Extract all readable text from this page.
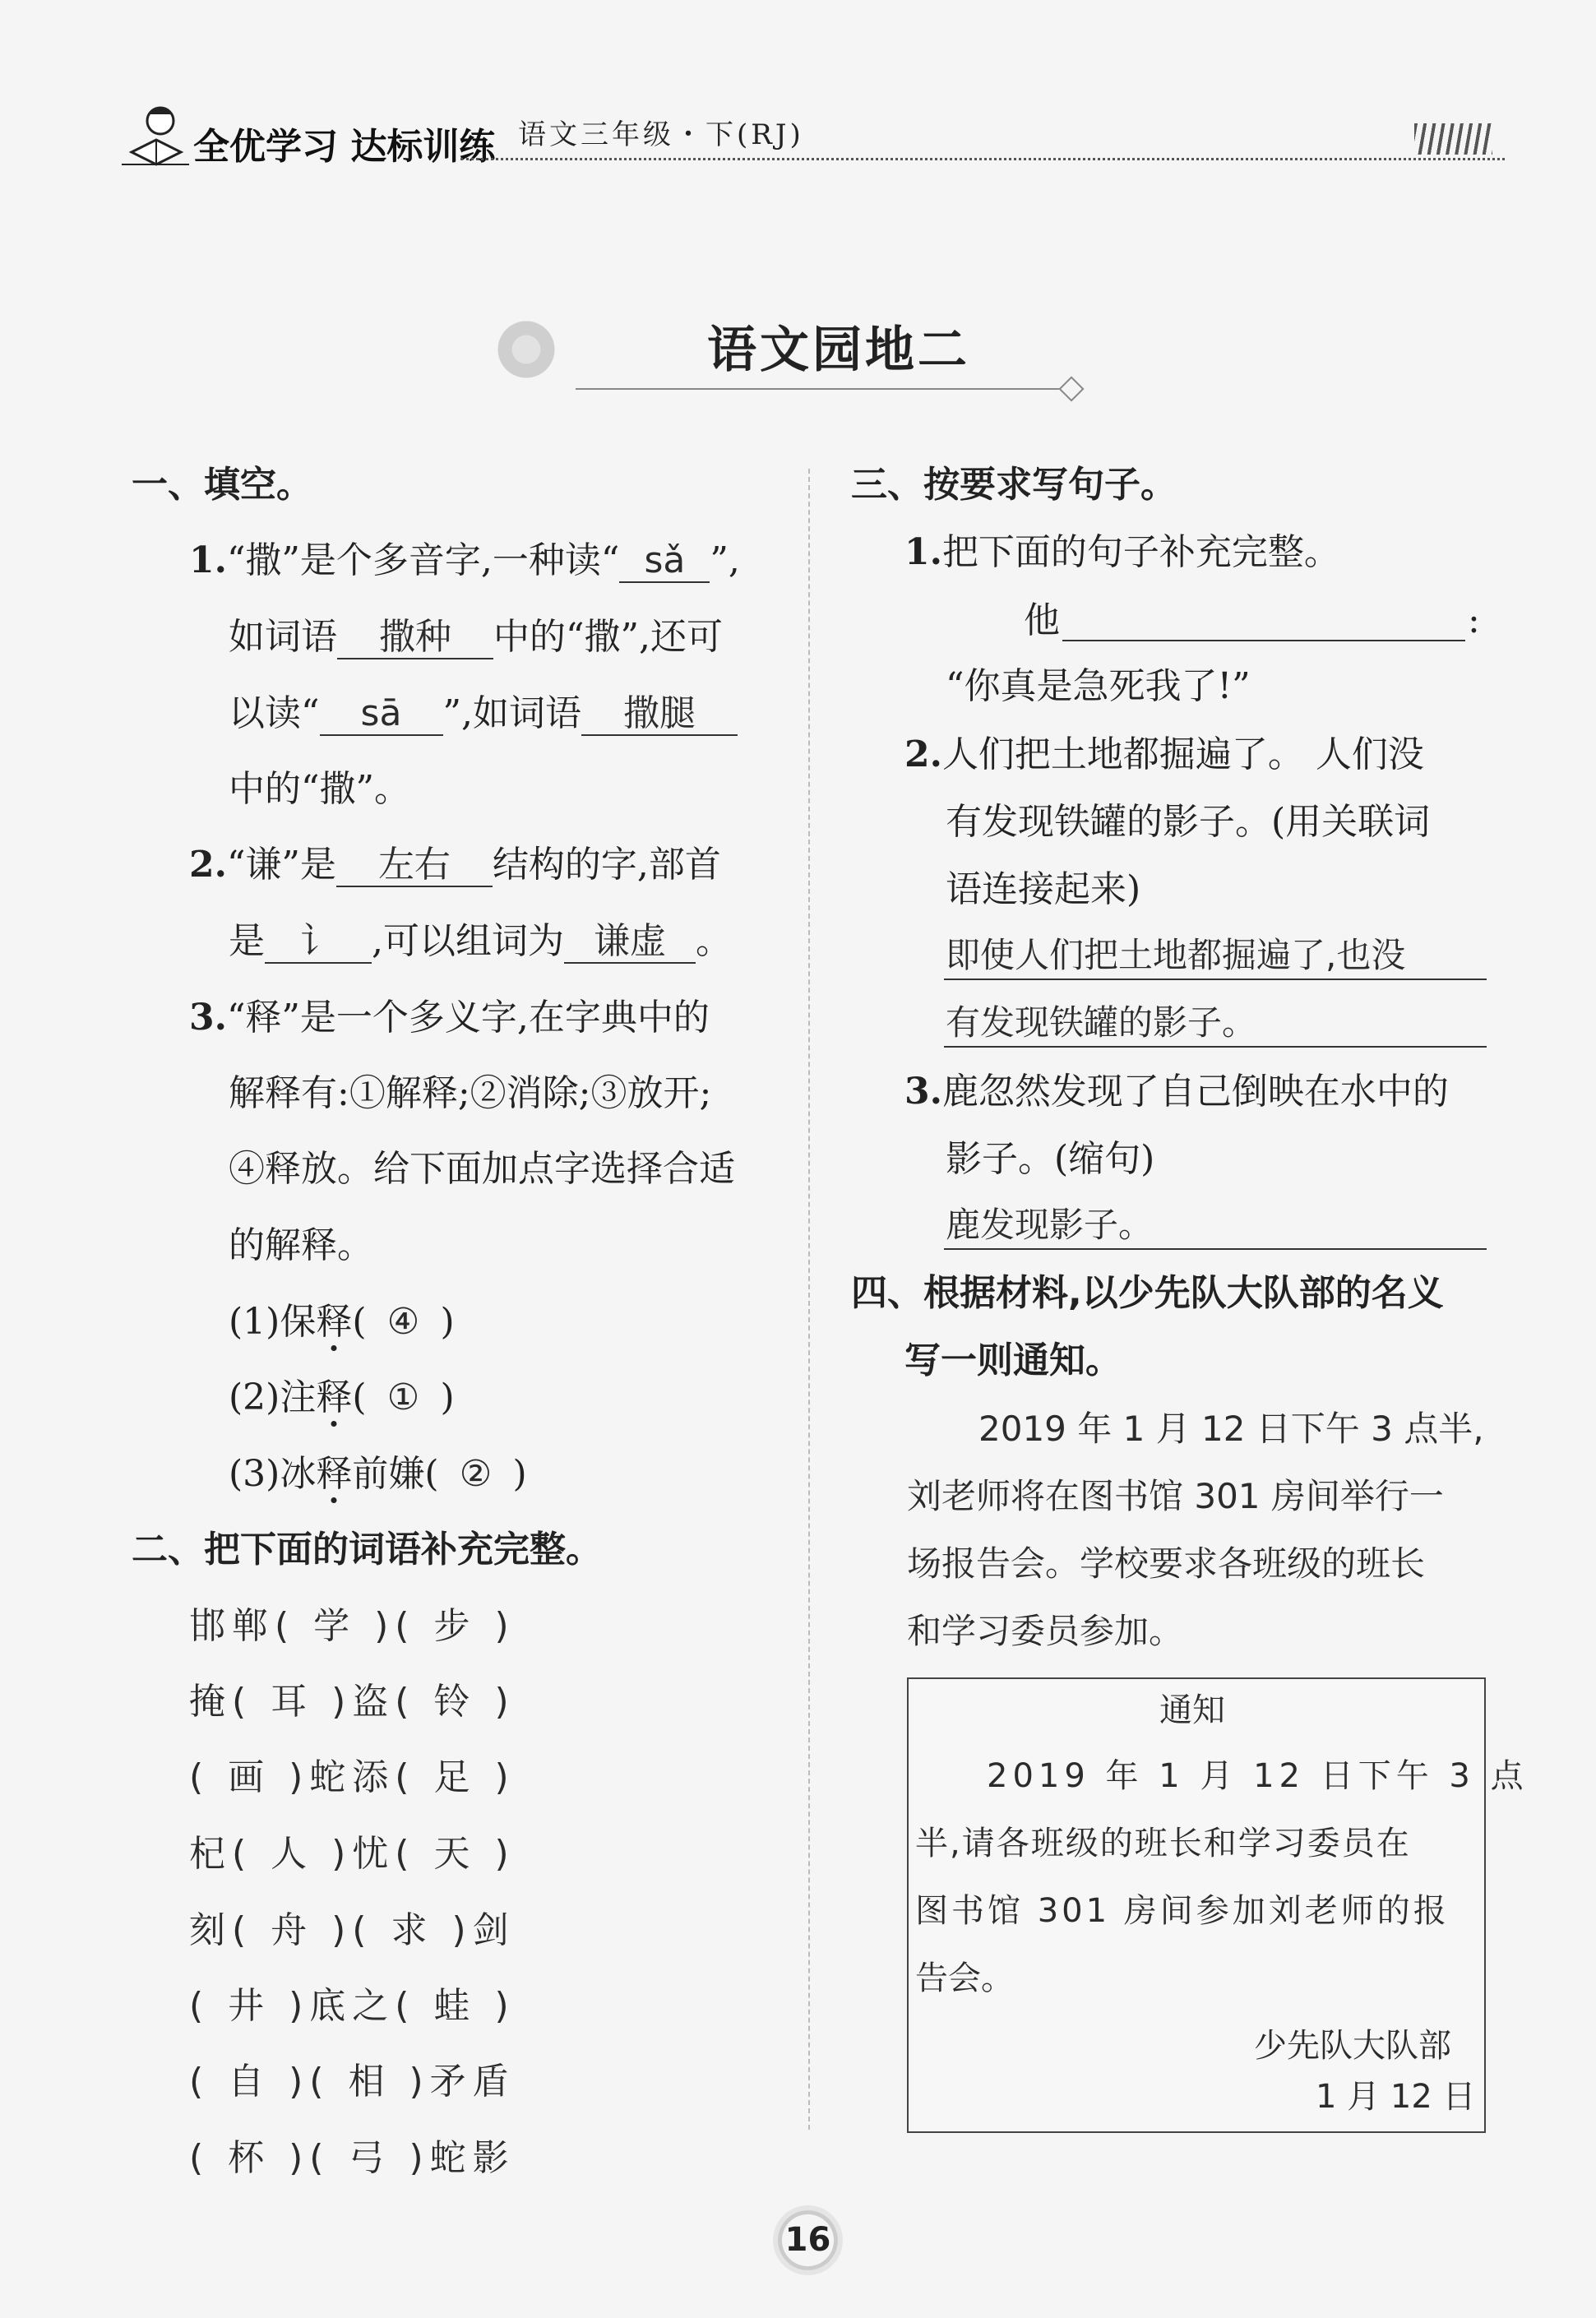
全优学习 达标训练 语文三年级・下(RJ)
语文园地二
一、填空。
1.“撒”是个多音字,一种读“ sǎ ”,
如词语 撒种 中的“撒”,还可
以读“ sā ”,如词语 撒腿
中的“撒”。
2.“谦”是 左右 结构的字,部首
是 讠 ,可以组词为 谦虚 。
3.“释”是一个多义字,在字典中的
解释有:①解释;②消除;③放开;
④释放。给下面加点字选择合适
的解释。
(1)保释( ④ )
(2)注释( ① )
(3)冰释前嫌( ② )
二、把下面的词语补充完整。
邯郸( 学 )( 步 )
掩( 耳 )盗( 铃 )
( 画 )蛇添( 足 )
杞( 人 )忧( 天 )
刻( 舟 )( 求 )剑
( 井 )底之( 蛙 )
( 自 )( 相 )矛盾
( 杯 )( 弓 )蛇影
三、按要求写句子。
1.把下面的句子补充完整。
他	:
“你真是急死我了!”
2.人们把土地都掘遍了。 人们没
有发现铁罐的影子。(用关联词
语连接起来)
即使人们把土地都掘遍了,也没
有发现铁罐的影子。
3.鹿忽然发现了自己倒映在水中的
影子。(缩句)
鹿发现影子。
四、根据材料,以少先队大队部的名义
写一则通知。
2019 年 1 月 12 日下午 3 点半,
刘老师将在图书馆 301 房间举行一
场报告会。学校要求各班级的班长
和学习委员参加。
通知
2019 年 1 月 12 日下午 3 点
半,请各班级的班长和学习委员在
图书馆 301 房间参加刘老师的报
告会。
少先队大队部
1 月 12 日
16
